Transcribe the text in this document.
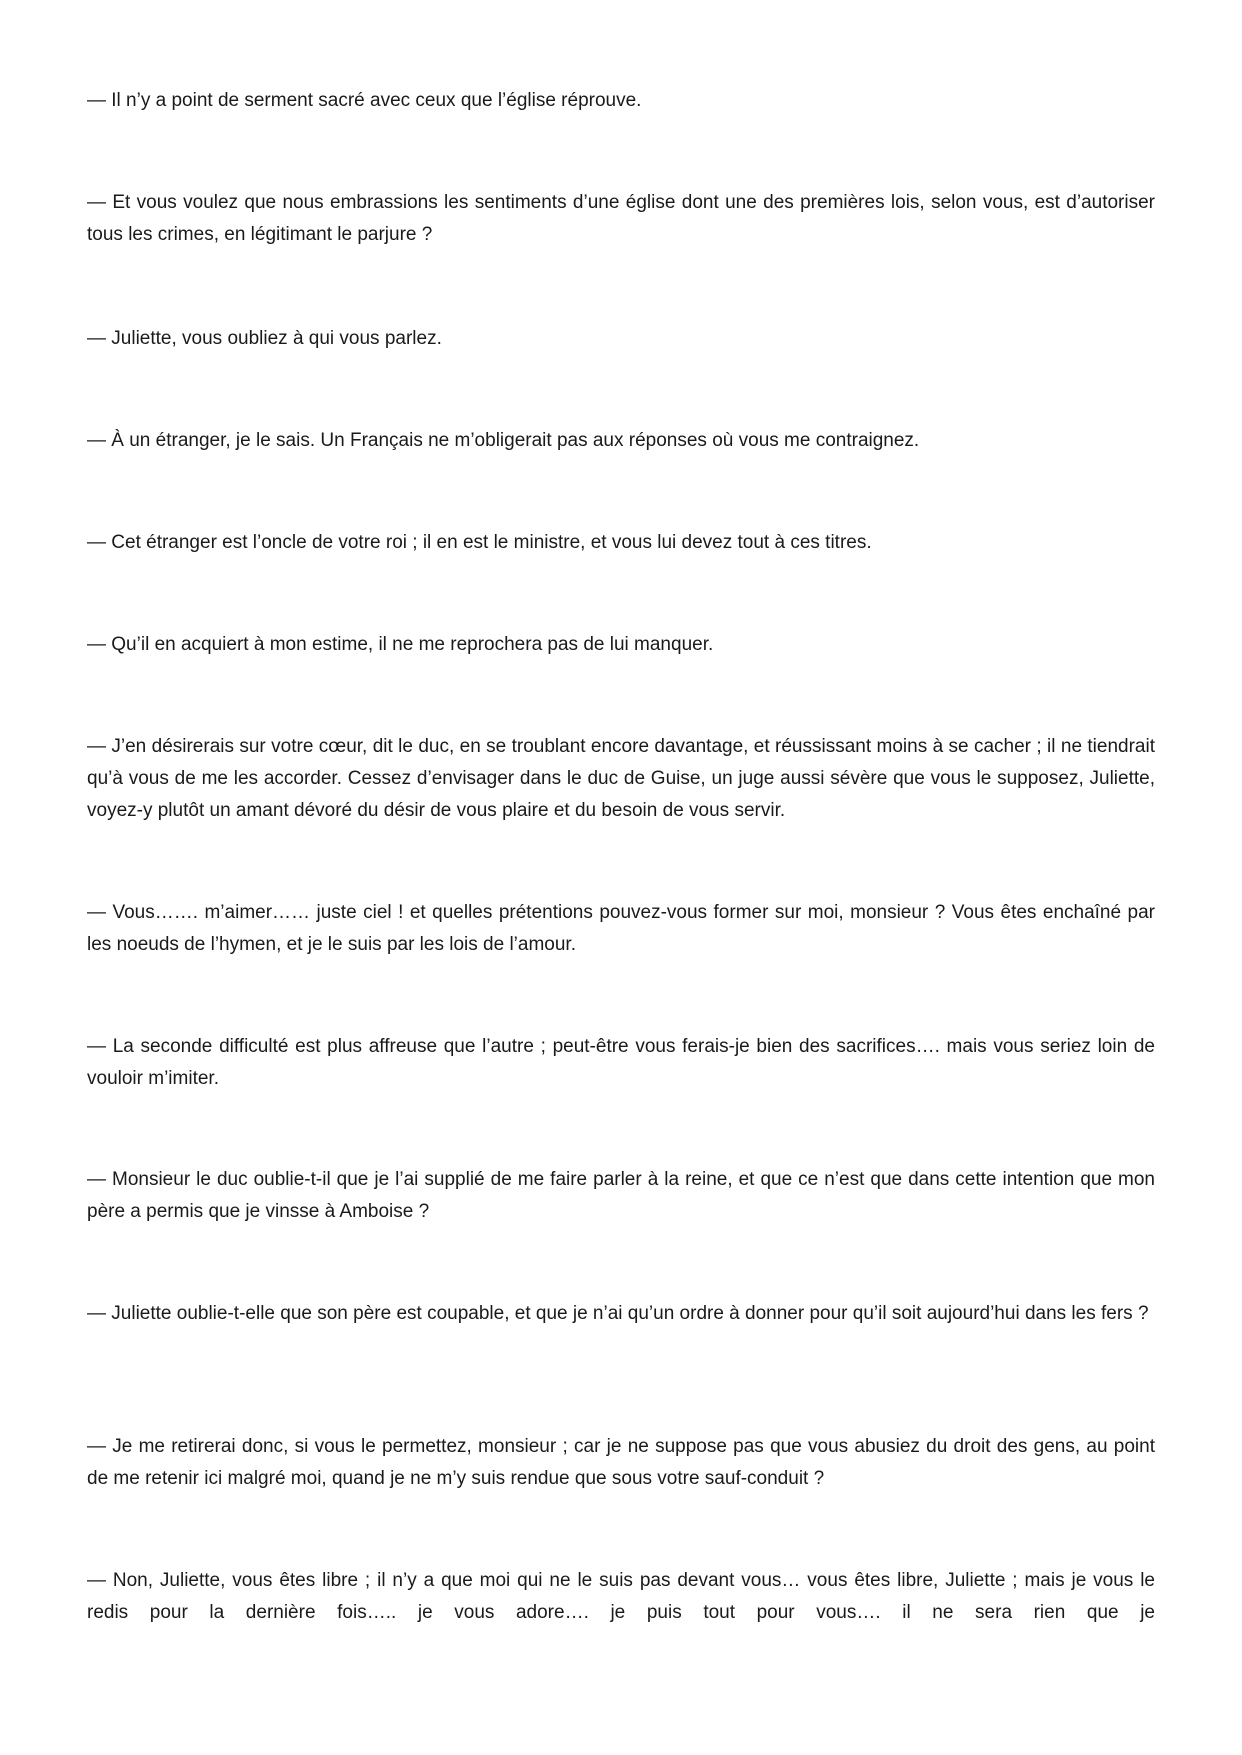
— Il n’y a point de serment sacré avec ceux que l’église réprouve.

— Et vous voulez que nous embrassions les sentiments d’une église dont une des premières lois, selon vous, est d’autoriser tous les crimes, en légitimant le parjure ?

— Juliette, vous oubliez à qui vous parlez.

— À un étranger, je le sais. Un Français ne m’obligerait pas aux réponses où vous me contraignez.

— Cet étranger est l’oncle de votre roi ; il en est le ministre, et vous lui devez tout à ces titres.

— Qu’il en acquiert à mon estime, il ne me reprochera pas de lui manquer.

— J’en désirerais sur votre cœur, dit le duc, en se troublant encore davantage, et réussissant moins à se cacher ; il ne tiendrait qu’à vous de me les accorder. Cessez d’envisager dans le duc de Guise, un juge aussi sévère que vous le supposez, Juliette, voyez-y plutôt un amant dévoré du désir de vous plaire et du besoin de vous servir.

— Vous……. m’aimer…… juste ciel ! et quelles prétentions pouvez-vous former sur moi, monsieur ? Vous êtes enchaîné par les noeuds de l’hymen, et je le suis par les lois de l’amour.

— La seconde difficulté est plus affreuse que l’autre ; peut-être vous ferais-je bien des sacrifices…. mais vous seriez loin de vouloir m’imiter.

— Monsieur le duc oublie-t-il que je l’ai supplié de me faire parler à la reine, et que ce n’est que dans cette intention que mon père a permis que je vinsse à Amboise ?

— Juliette oublie-t-elle que son père est coupable, et que je n’ai qu’un ordre à donner pour qu’il soit aujourd’hui dans les fers ?

— Je me retirerai donc, si vous le permettez, monsieur ; car je ne suppose pas que vous abusiez du droit des gens, au point de me retenir ici malgré moi, quand je ne m’y suis rendue que sous votre sauf-conduit ?

— Non, Juliette, vous êtes libre ; il n’y a que moi qui ne le suis pas devant vous… vous êtes libre, Juliette ; mais je vous le redis pour la dernière fois….. je vous adore…. je puis tout pour vous…. il ne sera rien que je
